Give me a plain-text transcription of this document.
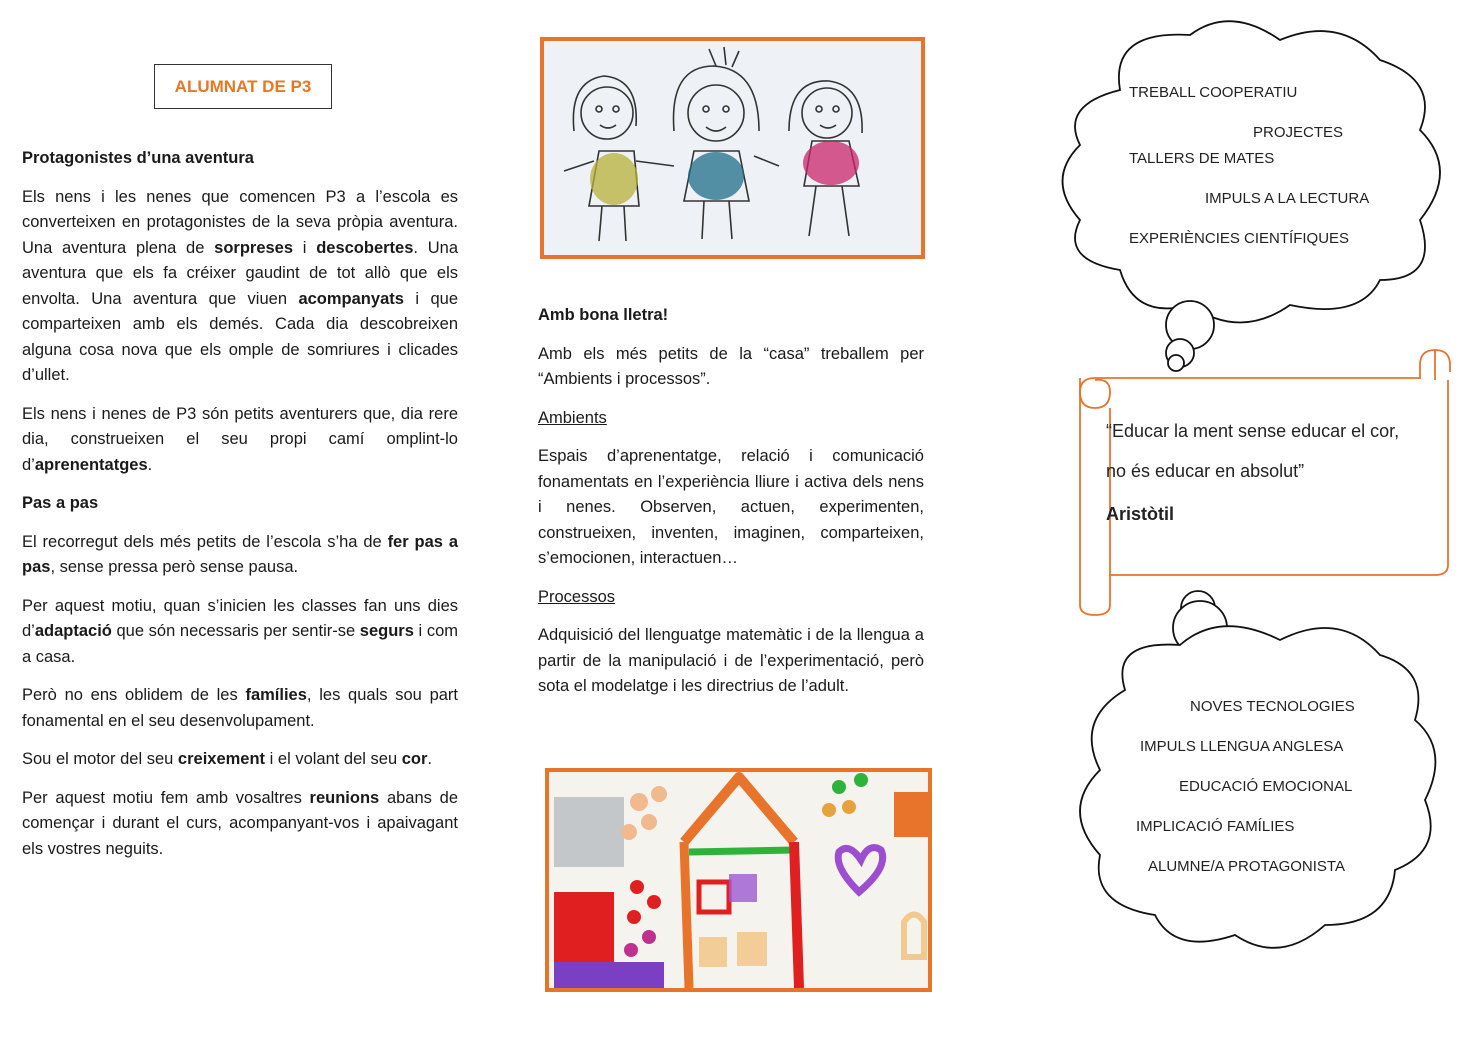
ALUMNAT DE P3
Protagonistes d’una aventura

Els nens i les nenes que comencen P3 a l’escola es converteixen en protagonistes de la seva pròpia aventura. Una aventura plena de sorpreses i descobertes. Una aventura que els fa créixer gaudint de tot allò que els envolta. Una aventura que viuen acompanyats i que comparteixen amb els demés. Cada dia descobreixen alguna cosa nova que els omple de somriures i clicades d’ullet.

Els nens i nenes de P3 són petits aventurers que, dia rere dia, construeixen el seu propi camí omplint-lo d’aprenentatges.

Pas a pas

El recorregut dels més petits de l’escola s’ha de fer pas a pas, sense pressa però sense pausa.

Per aquest motiu, quan s’inicien les classes fan uns dies d’adaptació que són necessaris per sentir-se segurs i com a casa.

Però no ens oblidem de les famílies, les quals sou part fonamental en el seu desenvolupament.

Sou el motor del seu creixement i el volant del seu cor.

Per aquest motiu fem amb vosaltres reunions abans de començar i durant el curs, acompanyant-vos i apaivagant els vostres neguits.

Amb bona lletra!

Amb els més petits de la “casa” treballem per “Ambients i processos”.

Ambients

Espais d’aprenentatge, relació i comunicació fonamentats en l’experiència lliure i activa dels nens i nenes. Observen, actuen, experimenten, construeixen, inventen, imaginen, comparteixen, s’emocionen, interactuen…

Processos

Adquisició del llenguatge matemàtic i de la llengua a partir de la manipulació i de l’experimentació, però sota el modelatge i les directrius de l’adult.

TREBALL COOPERATIU
PROJECTES
TALLERS DE MATES
IMPULS A LA LECTURA
EXPERIÈNCIES CIENTÍFIQUES
“Educar la ment sense educar el cor,
no és educar en absolut”
Aristòtil
NOVES TECNOLOGIES
IMPULS LLENGUA ANGLESA
EDUCACIÓ EMOCIONAL
IMPLICACIÓ FAMÍLIES
ALUMNE/A PROTAGONISTA
